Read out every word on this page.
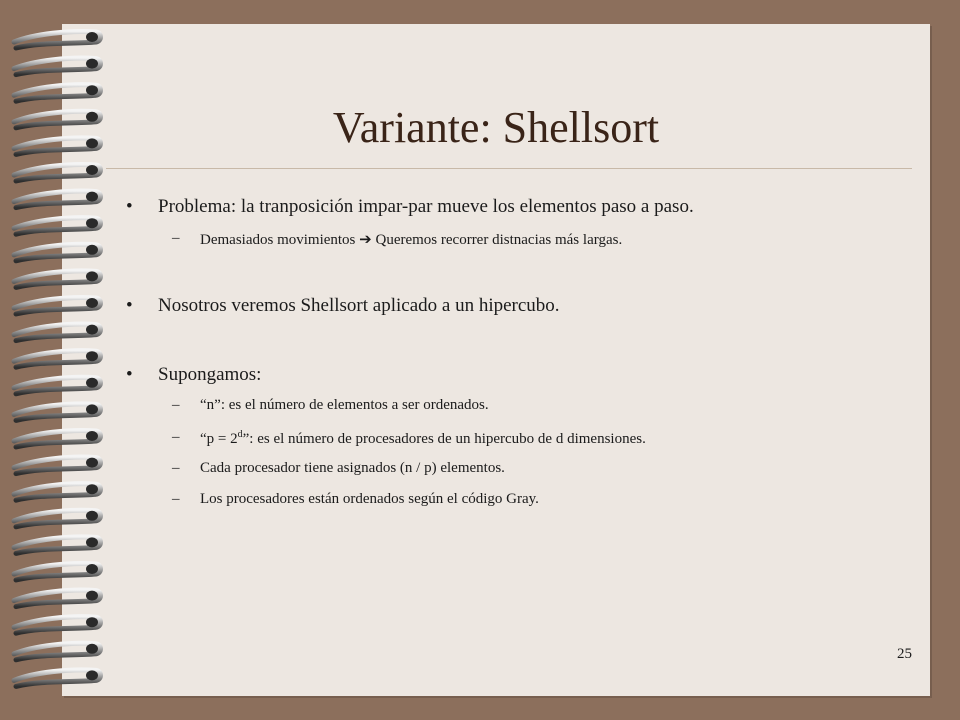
Variante: Shellsort
• Problema: la tranposición impar-par mueve los elementos paso a paso.
– Demasiados movimientos ➔ Queremos recorrer distnacias más largas.
• Nosotros veremos Shellsort aplicado a un hipercubo.
• Supongamos:
– “n”: es el número de elementos a ser ordenados.
– “$p = 2^d$”: es el número de procesadores de un hipercubo de d dimensiones.
– Cada procesador tiene asignados (n / p) elementos.
– Los procesadores están ordenados según el código Gray.
25
